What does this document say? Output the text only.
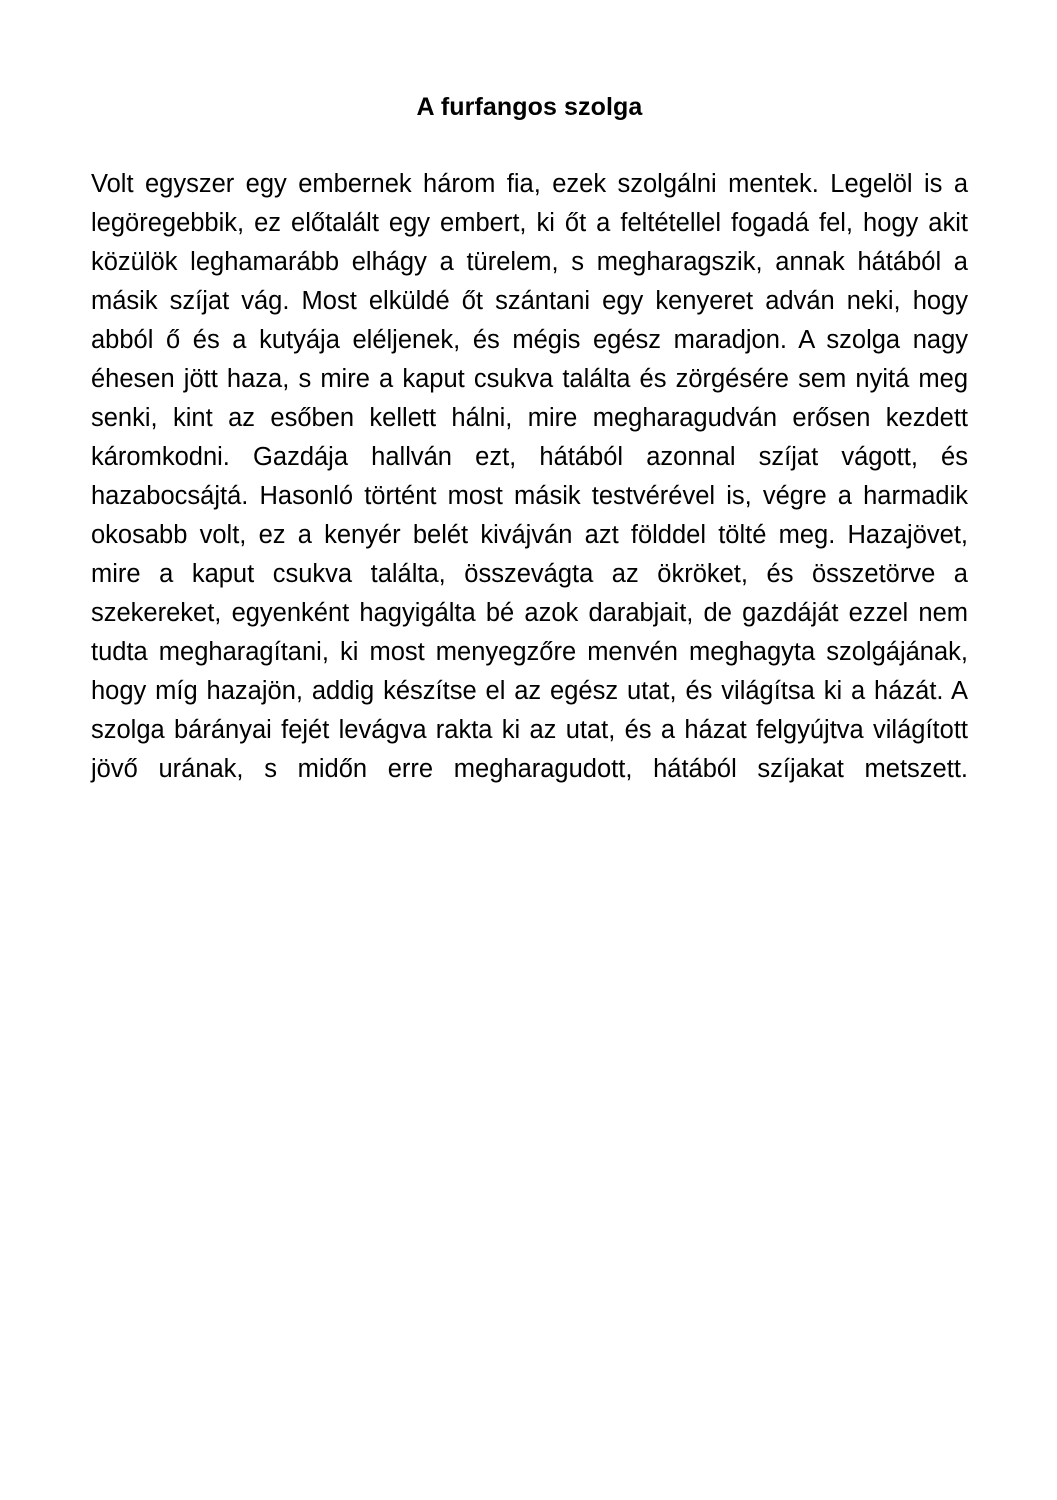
A furfangos szolga

Volt egyszer egy embernek három fia, ezek szolgálni mentek. Legelöl is a legöregebbik, ez előtalált egy embert, ki őt a feltétellel fogadá fel, hogy akit közülök leghamarább elhágy a türelem, s megharagszik, annak hátából a másik szíjat vág. Most elküldé őt szántani egy kenyeret adván neki, hogy abból ő és a kutyája eléljenek, és mégis egész maradjon. A szolga nagy éhesen jött haza, s mire a kaput csukva találta és zörgésére sem nyitá meg senki, kint az esőben kellett hálni, mire megharagudván erősen kezdett káromkodni. Gazdája hallván ezt, hátából azonnal szíjat vágott, és hazabocsájtá. Hasonló történt most másik testvérével is, végre a harmadik okosabb volt, ez a kenyér belét kivájván azt földdel tölté meg. Hazajövet, mire a kaput csukva találta, összevágta az ökröket, és összetörve a szekereket, egyenként hagyigálta bé azok darabjait, de gazdáját ezzel nem tudta megharagítani, ki most menyegzőre menvén meghagyta szolgájának, hogy míg hazajön, addig készítse el az egész utat, és világítsa ki a házát. A szolga bárányai fejét levágva rakta ki az utat, és a házat felgyújtva világított jövő urának, s midőn erre megharagudott, hátából szíjakat metszett.
